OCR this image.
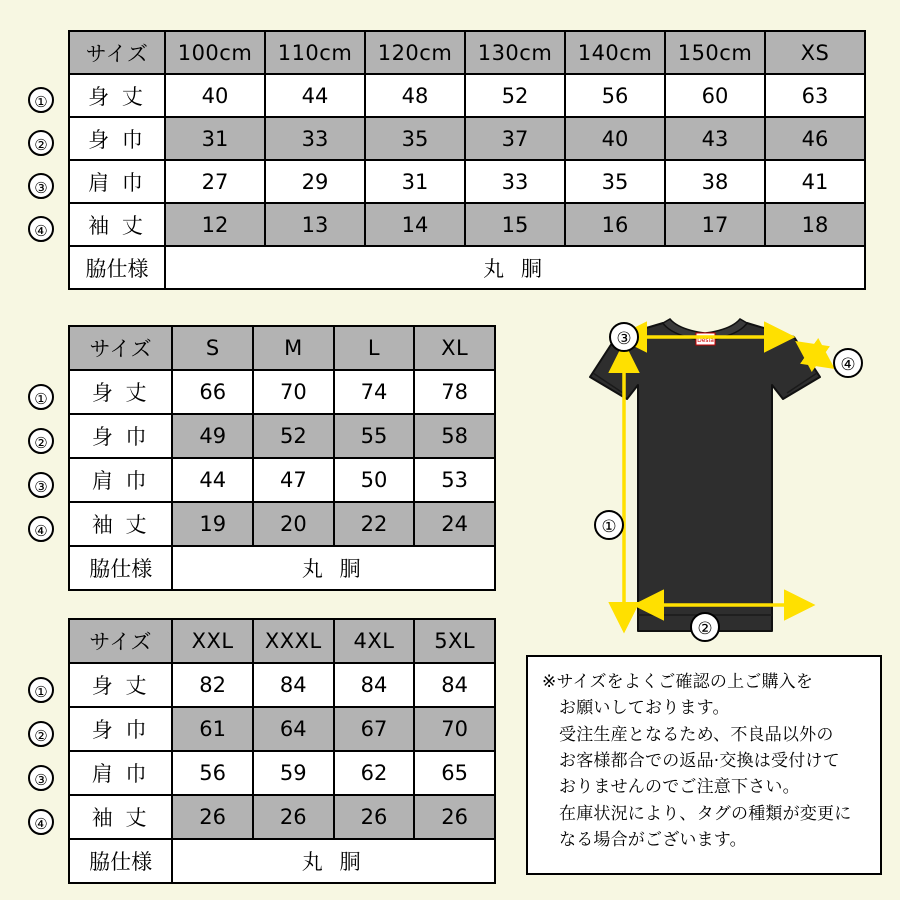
サイズ	100cm	110cm	120cm	130cm	140cm	150cm	XS
身 丈	40	44	48	52	56	60	63
身 巾	31	33	35	37	40	43	46
肩 巾	27	29	31	33	35	38	41
袖 丈	12	13	14	15	16	17	18
脇仕様	丸 胴						
①
②
③
④
サイズ	S	M	L	XL
身 丈	66	70	74	78
身 巾	49	52	55	58
肩 巾	44	47	50	53
袖 丈	19	20	22	24
脇仕様	丸 胴			
①
②
③
④
サイズ	XXL	XXXL	4XL	5XL
身 丈	82	84	84	84
身 巾	61	64	67	70
肩 巾	56	59	62	65
袖 丈	26	26	26	26
脇仕様	丸 胴			
①
②
③
④
Desia
③
④
①
②

※サイズをよくご確認の上ご購入を

お願いしております。

受注生産となるため、不良品以外の

お客様都合での返品·交換は受付けて

おりませんのでご注意下さい。

在庫状況により、タグの種類が変更に

なる場合がございます。
